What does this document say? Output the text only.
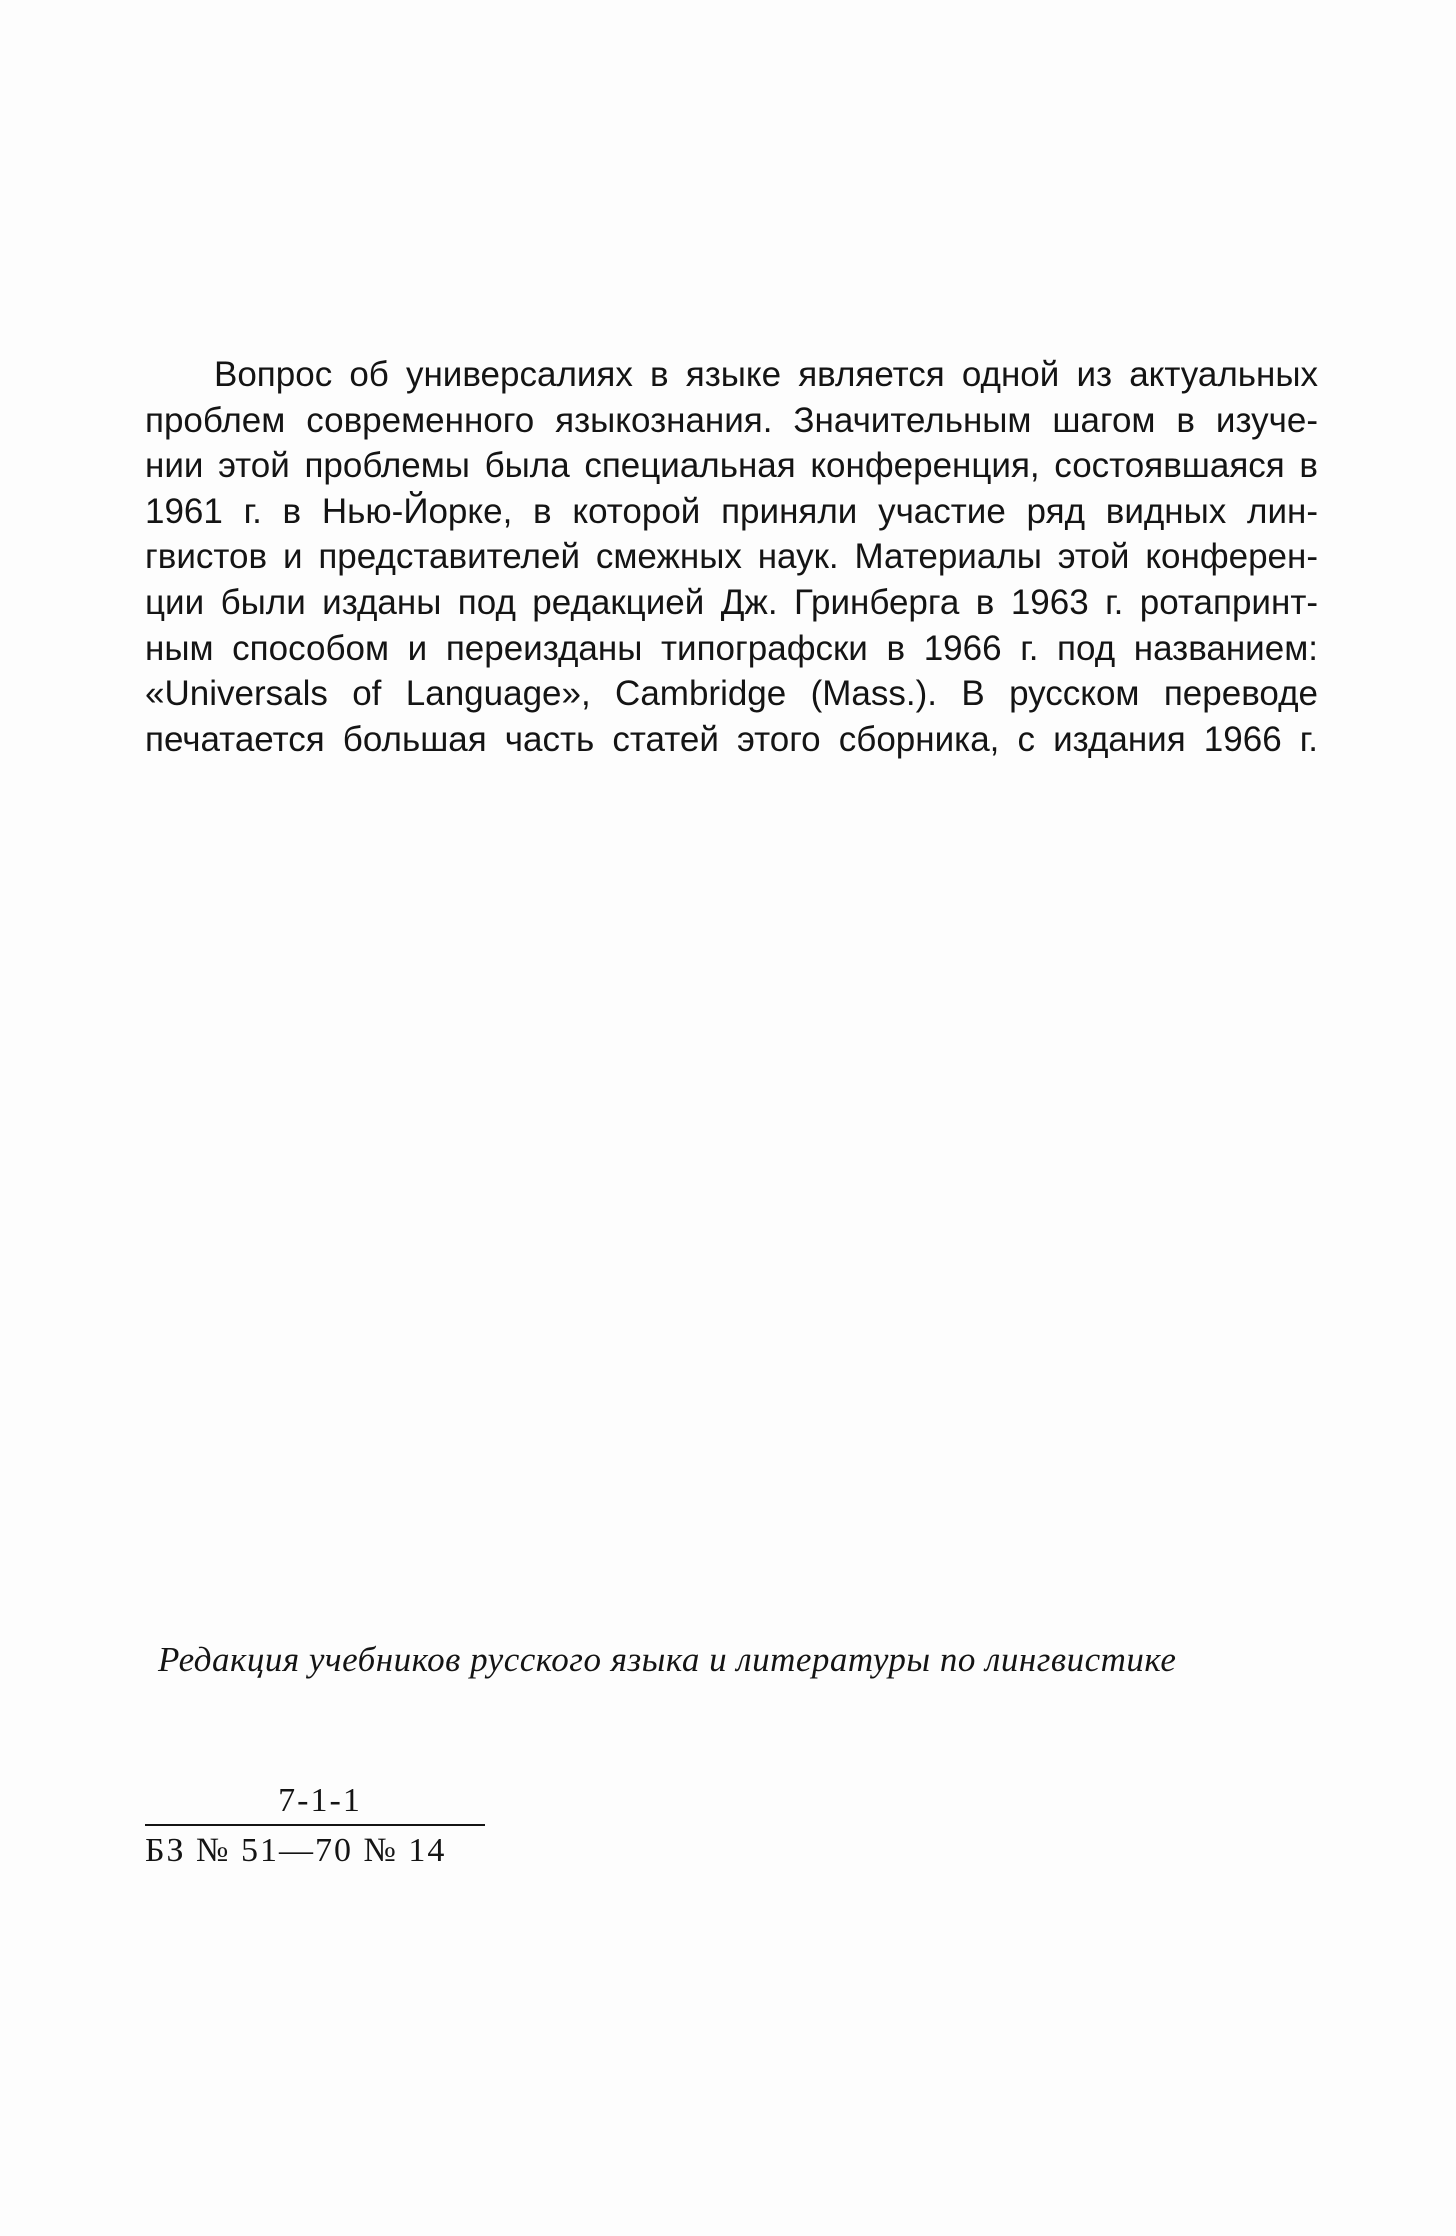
Вопрос об универсалиях в языке является одной из актуальных
проблем современного языкознания. Значительным шагом в изуче-
нии этой проблемы была специальная конференция, состоявшаяся в
1961 г. в Нью-Йорке, в которой приняли участие ряд видных лин-
гвистов и представителей смежных наук. Материалы этой конферен-
ции были изданы под редакцией Дж. Гринберга в 1963 г. ротапринт-
ным способом и переизданы типографски в 1966 г. под названием:
«Universals of Language», Cambridge (Mass.). В русском переводе
печатается большая часть статей этого сборника, с издания 1966 г.
Редакция учебников русского языка и литературы по лингвистике
7-1-1
БЗ № 51—70 № 14
